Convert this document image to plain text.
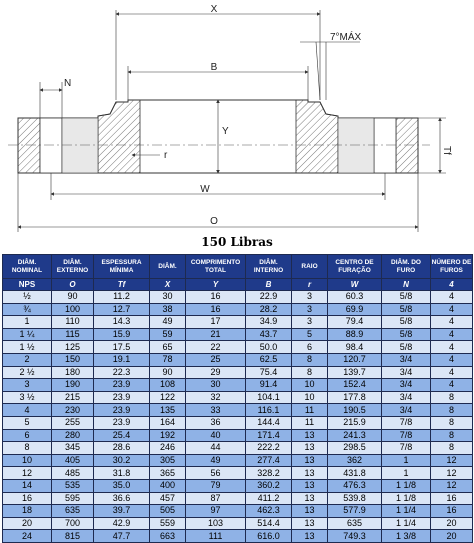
X
7°MÁX
N
B
Y
Tf
r
W
O
150 Libras
DIÂM. NOMINAL	DIÂM. EXTERNO	ESPESSURA MÍNIMA	DIÂM.	COMPRIMENTO TOTAL	DIÂM. INTERNO	RAIO	CENTRO DE FURAÇÃO	DIÂM. DO FURO	NÚMERO DE FUROS
NPS	O	Tf	X	Y	B	r	W	N	4
½	90	11.2	30	16	22.9	3	60.3	5/8	4
¾	100	12.7	38	16	28.2	3	69.9	5/8	4
1	110	14.3	49	17	34.9	3	79.4	5/8	4
1 ¼	115	15.9	59	21	43.7	5	88.9	5/8	4
1 ½	125	17.5	65	22	50.0	6	98.4	5/8	4
2	150	19.1	78	25	62.5	8	120.7	3/4	4
2 ½	180	22.3	90	29	75.4	8	139.7	3/4	4
3	190	23.9	108	30	91.4	10	152.4	3/4	4
3 ½	215	23.9	122	32	104.1	10	177.8	3/4	8
4	230	23.9	135	33	116.1	11	190.5	3/4	8
5	255	23.9	164	36	144.4	11	215.9	7/8	8
6	280	25.4	192	40	171.4	13	241.3	7/8	8
8	345	28.6	246	44	222.2	13	298.5	7/8	8
10	405	30.2	305	49	277.4	13	362	1	12
12	485	31.8	365	56	328.2	13	431.8	1	12
14	535	35.0	400	79	360.2	13	476.3	1 1/8	12
16	595	36.6	457	87	411.2	13	539.8	1 1/8	16
18	635	39.7	505	97	462.3	13	577.9	1 1/4	16
20	700	42.9	559	103	514.4	13	635	1 1/4	20
24	815	47.7	663	111	616.0	13	749.3	1 3/8	20
